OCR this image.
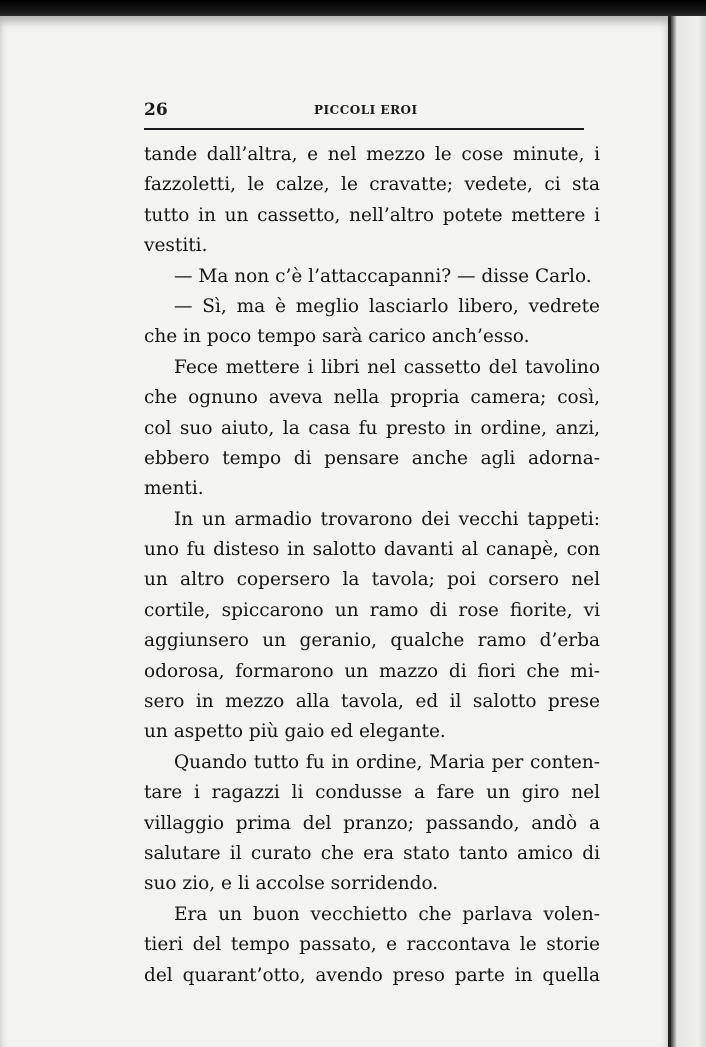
26	PICCOLI EROI
tande dall’altra, e nel mezzo le cose minute, i
fazzoletti, le calze, le cravatte; vedete, ci sta
tutto in un cassetto, nell’altro potete mettere i
vestiti.
— Ma non c’è l’attaccapanni? — disse Carlo.
— Sì, ma è meglio lasciarlo libero, vedrete
che in poco tempo sarà carico anch’esso.
Fece mettere i libri nel cassetto del tavolino
che ognuno aveva nella propria camera; così,
col suo aiuto, la casa fu presto in ordine, anzi,
ebbero tempo di pensare anche agli adorna-
menti.
In un armadio trovarono dei vecchi tappeti:
uno fu disteso in salotto davanti al canapè, con
un altro copersero la tavola; poi corsero nel
cortile, spiccarono un ramo di rose fiorite, vi
aggiunsero un geranio, qualche ramo d’erba
odorosa, formarono un mazzo di fiori che mi-
sero in mezzo alla tavola, ed il salotto prese
un aspetto più gaio ed elegante.
Quando tutto fu in ordine, Maria per conten-
tare i ragazzi li condusse a fare un giro nel
villaggio prima del pranzo; passando, andò a
salutare il curato che era stato tanto amico di
suo zio, e li accolse sorridendo.
Era un buon vecchietto che parlava volen-
tieri del tempo passato, e raccontava le storie
del quarant’otto, avendo preso parte in quella
